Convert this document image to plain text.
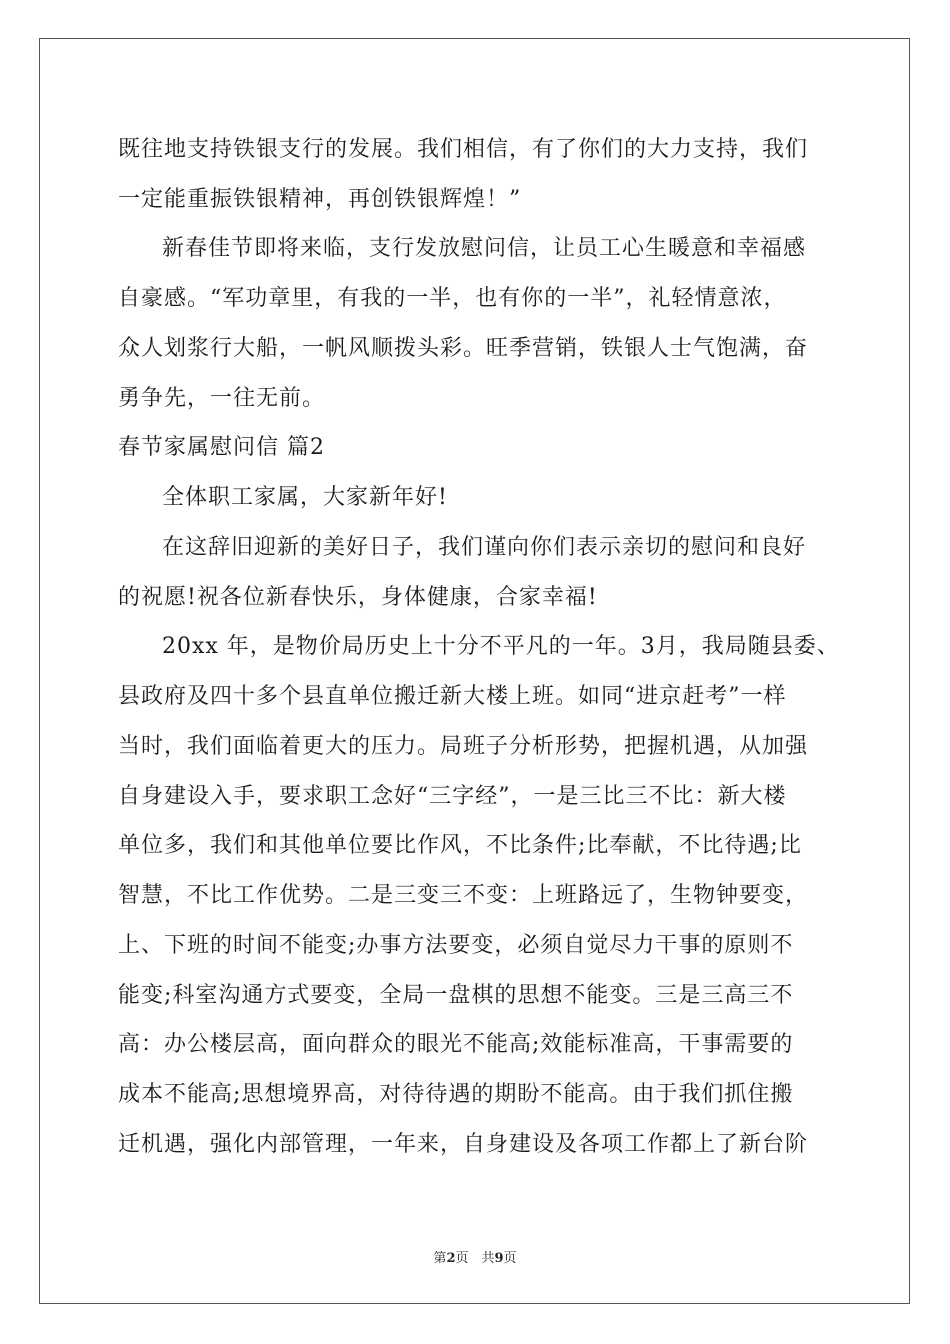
既往地支持铁银支行的发展。我们相信，有了你们的大力支持，我们
一定能重振铁银精神，再创铁银辉煌！”
新春佳节即将来临，支行发放慰问信，让员工心生暖意和幸福感
自豪感。“军功章里，有我的一半，也有你的一半”，礼轻情意浓，
众人划浆行大船，一帆风顺拨头彩。旺季营销，铁银人士气饱满，奋
勇争先，一往无前。
春节家属慰问信 篇2
全体职工家属，大家新年好!
在这辞旧迎新的美好日子，我们谨向你们表示亲切的慰问和良好
的祝愿!祝各位新春快乐，身体健康，合家幸福!
20xx 年，是物价局历史上十分不平凡的一年。3月，我局随县委、
县政府及四十多个县直单位搬迁新大楼上班。如同“进京赶考”一样
当时，我们面临着更大的压力。局班子分析形势，把握机遇，从加强
自身建设入手，要求职工念好“三字经”，一是三比三不比：新大楼
单位多，我们和其他单位要比作风，不比条件;比奉献，不比待遇;比
智慧，不比工作优势。二是三变三不变：上班路远了，生物钟要变，
上、下班的时间不能变;办事方法要变，必须自觉尽力干事的原则不
能变;科室沟通方式要变，全局一盘棋的思想不能变。三是三高三不
高：办公楼层高，面向群众的眼光不能高;效能标准高，干事需要的
成本不能高;思想境界高，对待待遇的期盼不能高。由于我们抓住搬
迁机遇，强化内部管理，一年来，自身建设及各项工作都上了新台阶
第2页　共9页
